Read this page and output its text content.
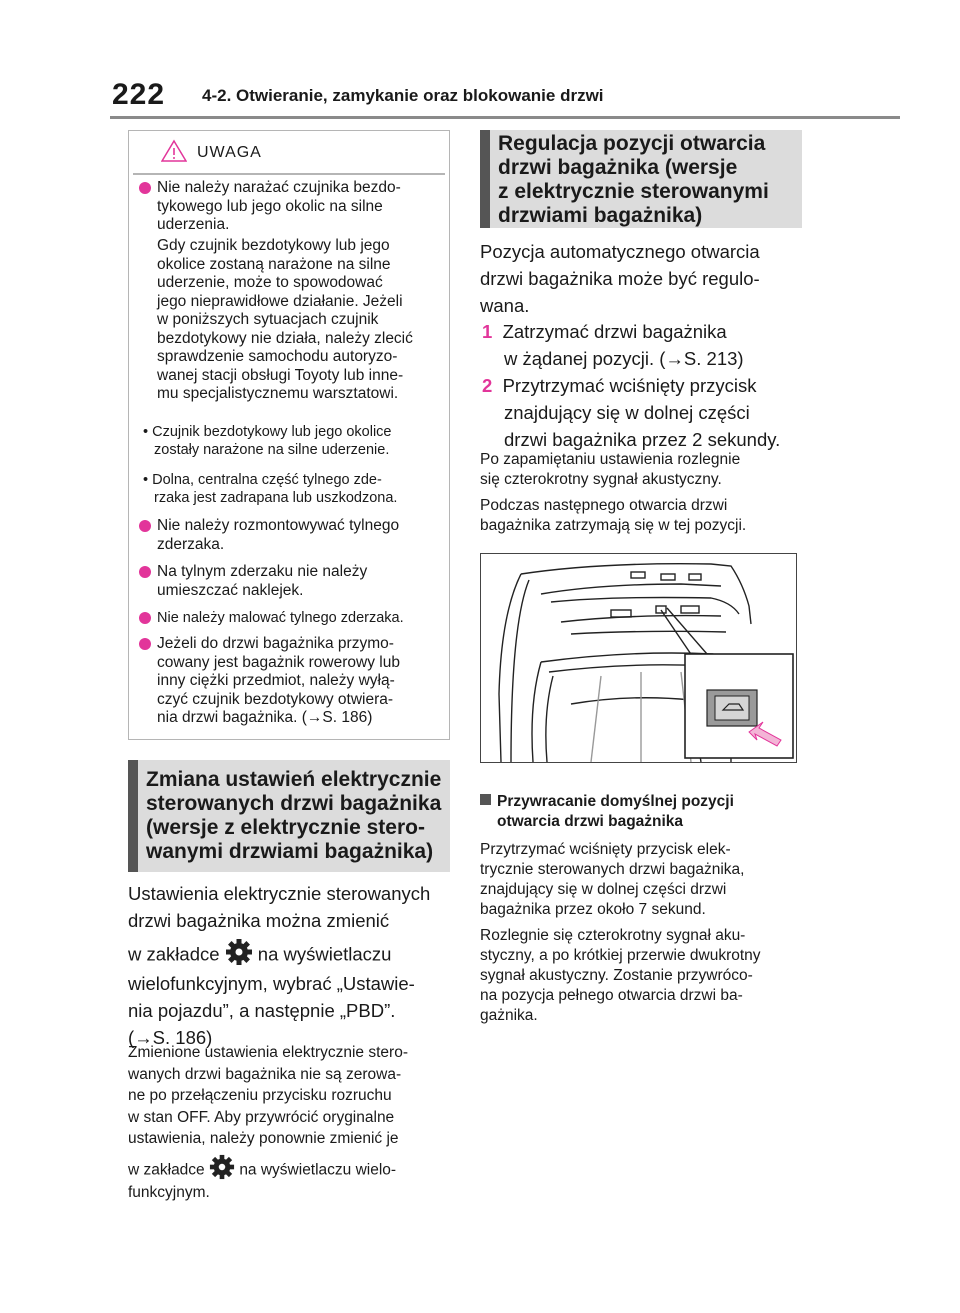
222 4-2. Otwieranie, zamykanie oraz blokowanie drzwi
UWAGA
Nie należy narażać czujnika bezdo-
tykowego lub jego okolic na silne
uderzenia.
Gdy czujnik bezdotykowy lub jego
okolice zostaną narażone na silne
uderzenie, może to spowodować
jego nieprawidłowe działanie. Jeżeli
w poniższych sytuacjach czujnik
bezdotykowy nie działa, należy zlecić
sprawdzenie samochodu autoryzo-
wanej stacji obsługi Toyoty lub inne-
mu specjalistycznemu warsztatowi.
• Czujnik bezdotykowy lub jego okolice
zostały narażone na silne uderzenie.
• Dolna, centralna część tylnego zde-
rzaka jest zadrapana lub uszkodzona.
Nie należy rozmontowywać tylnego
zderzaka.
Na tylnym zderzaku nie należy
umieszczać naklejek.
Nie należy malować tylnego zderzaka.
Jeżeli do drzwi bagażnika przymo-
cowany jest bagażnik rowerowy lub
inny ciężki przedmiot, należy wyłą-
czyć czujnik bezdotykowy otwiera-
nia drzwi bagażnika. (→S. 186)
Zmiana ustawień elektrycznie
sterowanych drzwi bagażnika
(wersje z elektrycznie stero-
wanymi drzwiami bagażnika)
Ustawienia elektrycznie sterowanych
drzwi bagażnika można zmienić
w zakładce na wyświetlaczu
wielofunkcyjnym, wybrać „Ustawie-
nia pojazdu”, a następnie „PBD”.
(→S. 186)
Zmienione ustawienia elektrycznie stero-
wanych drzwi bagażnika nie są zerowa-
ne po przełączeniu przycisku rozruchu
w stan OFF. Aby przywrócić oryginalne
ustawienia, należy ponownie zmienić je
w zakładce na wyświetlaczu wielo-
funkcyjnym.
Regulacja pozycji otwarcia
drzwi bagażnika (wersje
z elektrycznie sterowanymi
drzwiami bagażnika)
Pozycja automatycznego otwarcia
drzwi bagażnika może być regulo-
wana.
1 Zatrzymać drzwi bagażnika
w żądanej pozycji. (→S. 213)
2 Przytrzymać wciśnięty przycisk
znajdujący się w dolnej części
drzwi bagażnika przez 2 sekundy.
Po zapamiętaniu ustawienia rozlegnie
się czterokrotny sygnał akustyczny.
Podczas następnego otwarcia drzwi
bagażnika zatrzymają się w tej pozycji.
Przywracanie domyślnej pozycji
otwarcia drzwi bagażnika
Przytrzymać wciśnięty przycisk elek-
trycznie sterowanych drzwi bagażnika,
znajdujący się w dolnej części drzwi
bagażnika przez około 7 sekund.
Rozlegnie się czterokrotny sygnał aku-
styczny, a po krótkiej przerwie dwukrotny
sygnał akustyczny. Zostanie przywróco-
na pozycja pełnego otwarcia drzwi ba-
gażnika.
